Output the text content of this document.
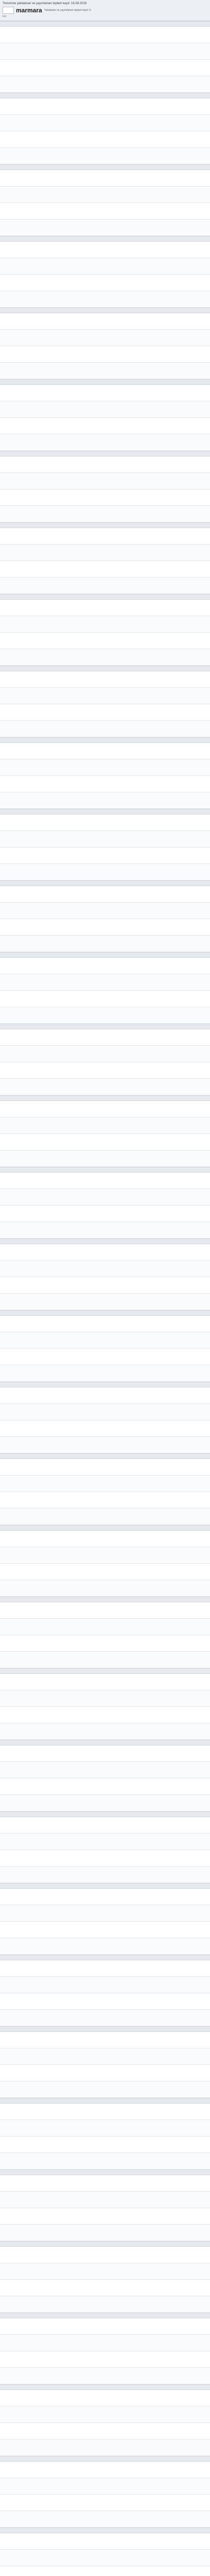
Tomorrow yakalanan ve yayımlanan toplam kayıt: 16.08.2018
marmara Yakalanan ve yayımlanan toplam kayıt: 6
kxx
